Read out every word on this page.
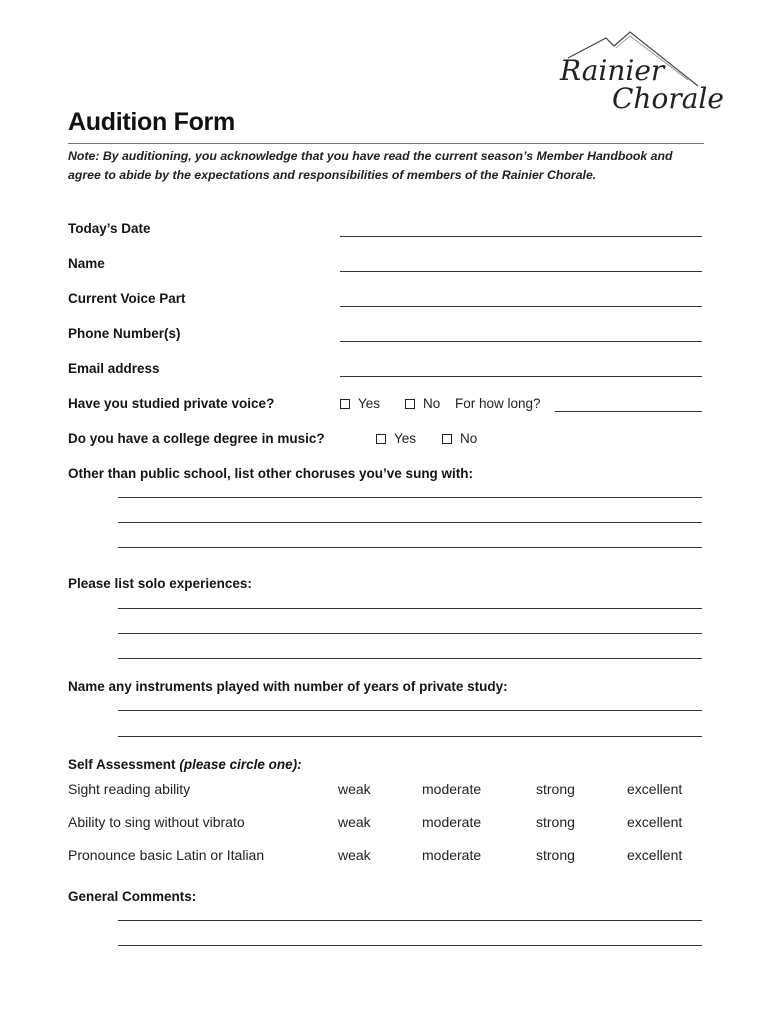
Rainier
Chorale
Audition Form
Note: By auditioning, you acknowledge that you have read the current season’s Member Handbook and agree to abide by the expectations and responsibilities of members of the Rainier Chorale.
Today’s Date
Name
Current Voice Part
Phone Number(s)
Email address
Have you studied private voice?	Yes	No For how long?
Do you have a college degree in music?	Yes	No
Other than public school, list other choruses you’ve sung with:
Please list solo experiences:
Name any instruments played with number of years of private study:
Self Assessment (please circle one):
Sight reading ability	weak	moderate	strong	excellent
Ability to sing without vibrato	weak	moderate	strong	excellent
Pronounce basic Latin or Italian	weak	moderate	strong	excellent
General Comments:
